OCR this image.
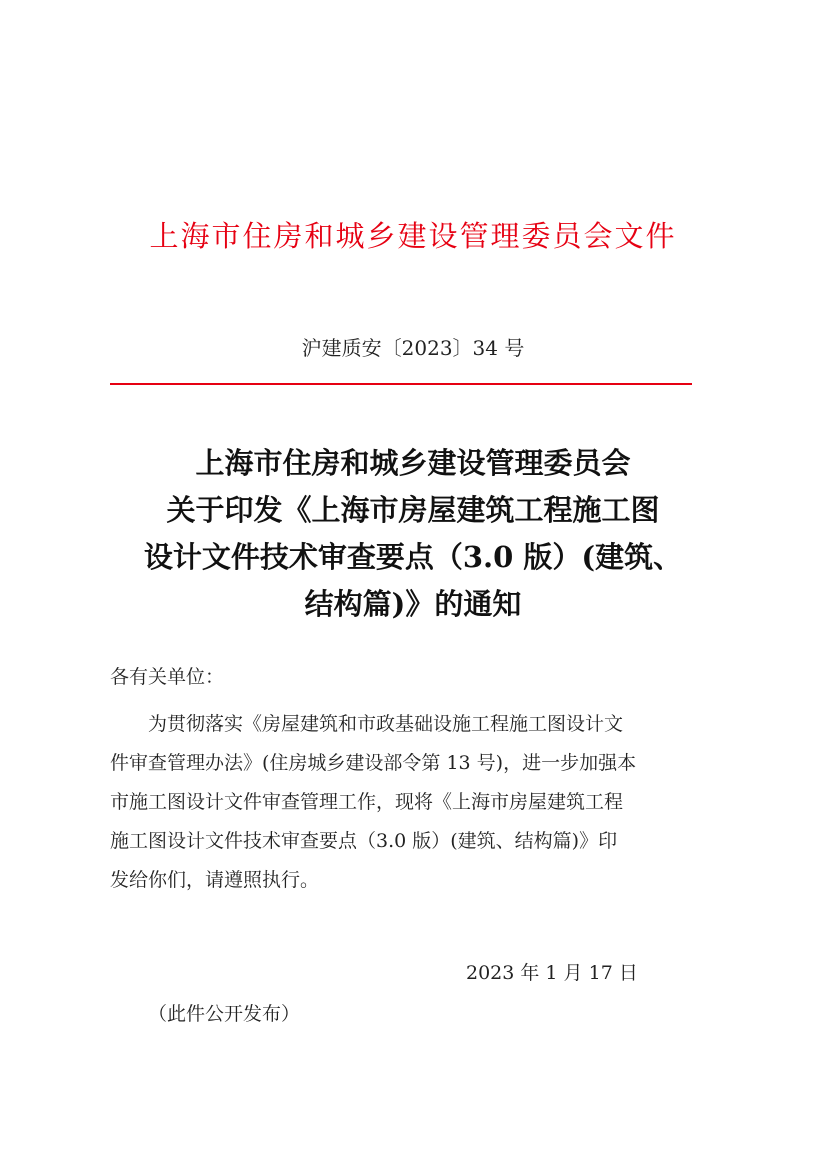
上海市住房和城乡建设管理委员会文件
沪建质安〔2023〕34 号
上海市住房和城乡建设管理委员会
关于印发《上海市房屋建筑工程施工图
设计文件技术审查要点（3.0 版）(建筑、
结构篇)》的通知
各有关单位：
为贯彻落实《房屋建筑和市政基础设施工程施工图设计文
件审查管理办法》(住房城乡建设部令第 13 号)，进一步加强本
市施工图设计文件审查管理工作，现将《上海市房屋建筑工程
施工图设计文件技术审查要点（3.0 版）(建筑、结构篇)》印
发给你们，请遵照执行。
2023 年 1 月 17 日
（此件公开发布）
